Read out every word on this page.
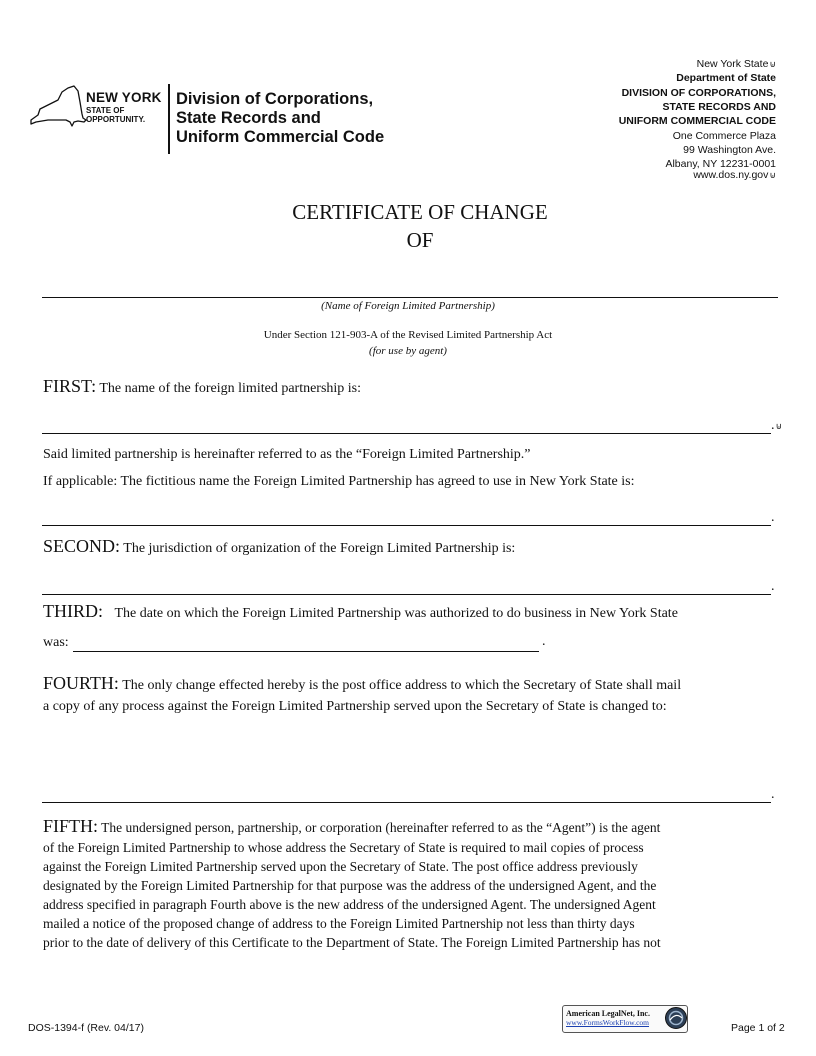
NEW YORK
STATE OF
OPPORTUNITY.
Division of Corporations,
State Records and
Uniform Commercial Code
New York State⊍
Department of State
DIVISION OF CORPORATIONS,
STATE RECORDS AND
UNIFORM COMMERCIAL CODE
One Commerce Plaza
99 Washington Ave.
Albany, NY 12231-0001
www.dos.ny.gov⊍
CERTIFICATE OF CHANGE
OF
(Name of Foreign Limited Partnership)
Under Section 121-903-A of the Revised Limited Partnership Act
(for use by agent)
FIRST: The name of the foreign limited partnership is:
.⊍
Said limited partnership is hereinafter referred to as the “Foreign Limited Partnership.”
If applicable: The fictitious name the Foreign Limited Partnership has agreed to use in New York State is:
.
SECOND: The jurisdiction of organization of the Foreign Limited Partnership is:
.
THIRD: The date on which the Foreign Limited Partnership was authorized to do business in New York State
was:	.
FOURTH: The only change effected hereby is the post office address to which the Secretary of State shall mail
a copy of any process against the Foreign Limited Partnership served upon the Secretary of State is changed to:
.
FIFTH: The undersigned person, partnership, or corporation (hereinafter referred to as the “Agent”) is the agent
of the Foreign Limited Partnership to whose address the Secretary of State is required to mail copies of process
against the Foreign Limited Partnership served upon the Secretary of State. The post office address previously
designated by the Foreign Limited Partnership for that purpose was the address of the undersigned Agent, and the
address specified in paragraph Fourth above is the new address of the undersigned Agent. The undersigned Agent
mailed a notice of the proposed change of address to the Foreign Limited Partnership not less than thirty days
prior to the date of delivery of this Certificate to the Department of State. The Foreign Limited Partnership has not
DOS-1394-f (Rev. 04/17)
American LegalNet, Inc.
www.FormsWorkFlow.com	Page 1 of 2
